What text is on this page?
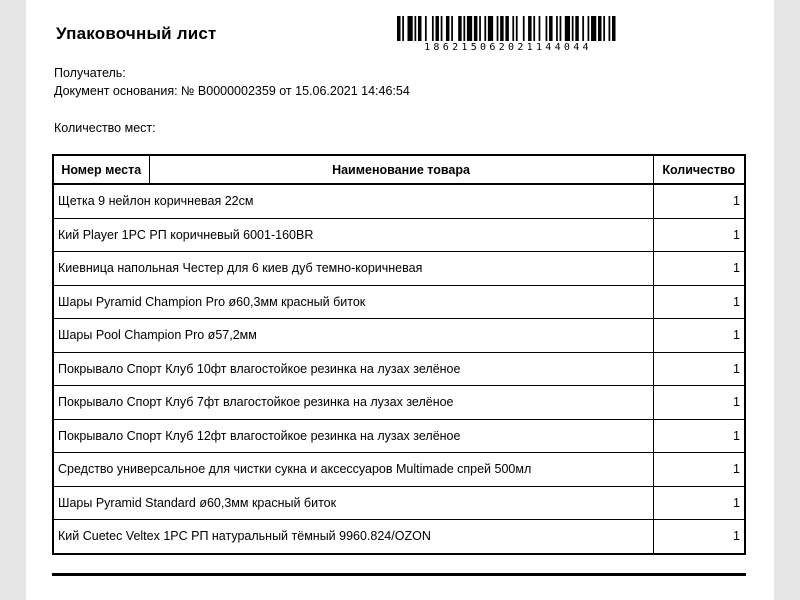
Упаковочный лист
1862150620211440​44
Получатель:
Документ основания: № B0000002359 от 15.06.2021 14:46:54
Количество мест:
Номер места	Наименование товара	Количество
Щетка 9 нейлон коричневая 22см		1
Кий Player 1PC РП коричневый 6001-160BR		1
Киевница напольная Честер для 6 киев дуб темно-коричневая		1
Шары Pyramid Champion Pro ø60,3мм красный биток		1
Шары Pool Champion Pro ø57,2мм		1
Покрывало Спорт Клуб 10фт влагостойкое резинка на лузах зелёное		1
Покрывало Спорт Клуб 7фт влагостойкое резинка на лузах зелёное		1
Покрывало Спорт Клуб 12фт влагостойкое резинка на лузах зелёное		1
Средство универсальное для чистки сукна и аксессуаров Multimade спрей 500мл		1
Шары Pyramid Standard ø60,3мм красный биток		1
Кий Cuetec Veltex 1PC РП натуральный тёмный 9960.824/OZON		1
